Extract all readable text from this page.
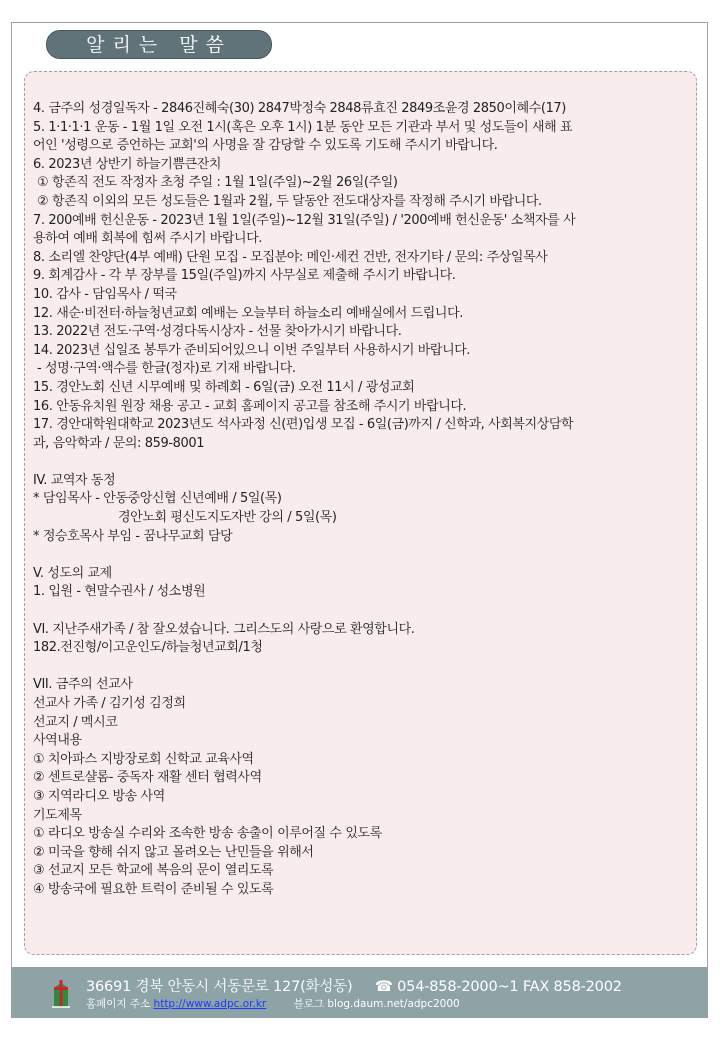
알리는 말씀
4. 금주의 성경일독자 - 2846진혜숙(30) 2847박정숙 2848류효진 2849조윤경 2850이혜수(17)
5. 1·1·1·1 운동 - 1월 1일 오전 1시(혹은 오후 1시) 1분 동안 모든 기관과 부서 및 성도들이 새해 표
어인 '성령으로 증언하는 교회'의 사명을 잘 감당할 수 있도록 기도해 주시기 바랍니다.
6. 2023년 상반기 하늘기쁨큰잔치
① 항존직 전도 작정자 초청 주일 : 1월 1일(주일)~2월 26일(주일)
② 항존직 이외의 모든 성도들은 1월과 2월, 두 달동안 전도대상자를 작정해 주시기 바랍니다.
7. 200예배 헌신운동 - 2023년 1월 1일(주일)~12월 31일(주일) / '200예배 헌신운동' 소책자를 사
용하여 예배 회복에 힘써 주시기 바랍니다.
8. 소리엘 찬양단(4부 예배) 단원 모집 - 모집분야: 메인·세컨 건반, 전자기타 / 문의: 주상일목사
9. 회계감사 - 각 부 장부를 15일(주일)까지 사무실로 제출해 주시기 바랍니다.
10. 감사 - 담임목사 / 떡국
12. 새순·비전터·하늘청년교회 예배는 오늘부터 하늘소리 예배실에서 드립니다.
13. 2022년 전도·구역·성경다독시상자 - 선물 찾아가시기 바랍니다.
14. 2023년 십일조 봉투가 준비되어있으니 이번 주일부터 사용하시기 바랍니다.
- 성명·구역·액수를 한글(정자)로 기재 바랍니다.
15. 경안노회 신년 시무예배 및 하례회 - 6일(금) 오전 11시 / 광성교회
16. 안동유치원 원장 채용 공고 - 교회 홈페이지 공고를 참조해 주시기 바랍니다.
17. 경안대학원대학교 2023년도 석사과정 신(편)입생 모집 - 6일(금)까지 / 신학과, 사회복지상담학
과, 음악학과 / 문의: 859-8001
IV. 교역자 동정
* 담임목사 - 안동중앙신협 신년예배 / 5일(목)
경안노회 평신도지도자반 강의 / 5일(목)
* 정승호목사 부임 - 꿈나무교회 담당
V. 성도의 교제
1. 입원 - 현말수권사 / 성소병원
VI. 지난주새가족 / 참 잘오셨습니다. 그리스도의 사랑으로 환영합니다.
182.전진형/이고운인도/하늘청년교회/1청
VII. 금주의 선교사
선교사 가족 / 김기성 김정희
선교지 / 멕시코
사역내용
① 치아파스 지방장로회 신학교 교육사역
② 센트로샬롬- 중독자 재활 센터 협력사역
③ 지역라디오 방송 사역
기도제목
① 라디오 방송실 수리와 조속한 방송 송출이 이루어질 수 있도록
② 미국을 향해 쉬지 않고 몰려오는 난민들을 위해서
③ 선교지 모든 학교에 복음의 문이 열리도록
④ 방송국에 필요한 트럭이 준비될 수 있도록
36691 경북 안동시 서동문로 127(화성동) ☎ 054-858-2000~1 FAX 858-2002
홈페이지 주소 http://www.adpc.or.kr	블로그 blog.daum.net/adpc2000
